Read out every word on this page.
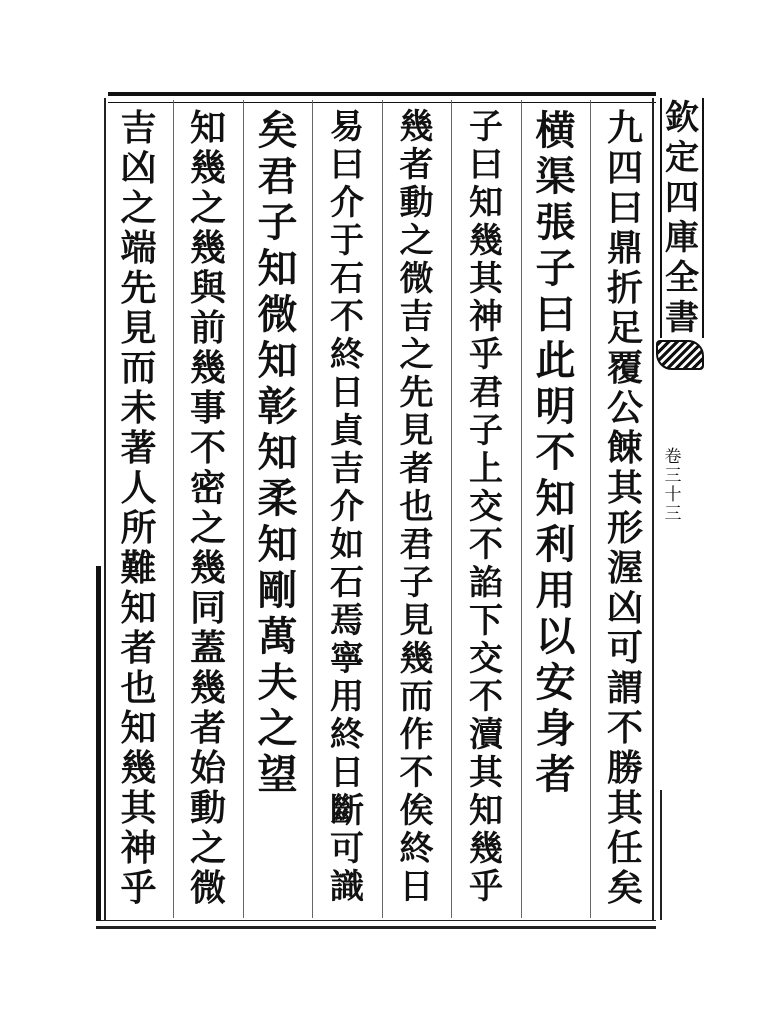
欽
定
四
庫
全
書
卷
三
十
三
九
四
曰
鼎
折
足
覆
公
餗
其
形
渥
凶
可
謂
不
勝
其
任
矣
横
渠
張
子
曰
此
明
不
知
利
用
以
安
身
者
子
曰
知
幾
其
神
乎
君
子
上
交
不
諂
下
交
不
瀆
其
知
幾
乎
幾
者
動
之
微
吉
之
先
見
者
也
君
子
見
幾
而
作
不
俟
終
日
易
曰
介
于
石
不
終
日
貞
吉
介
如
石
焉
寧
用
終
日
斷
可
識
矣
君
子
知
微
知
彰
知
柔
知
剛
萬
夫
之
望
知
幾
之
幾
與
前
幾
事
不
密
之
幾
同
蓋
幾
者
始
動
之
微
吉
凶
之
端
先
見
而
未
著
人
所
難
知
者
也
知
幾
其
神
乎
